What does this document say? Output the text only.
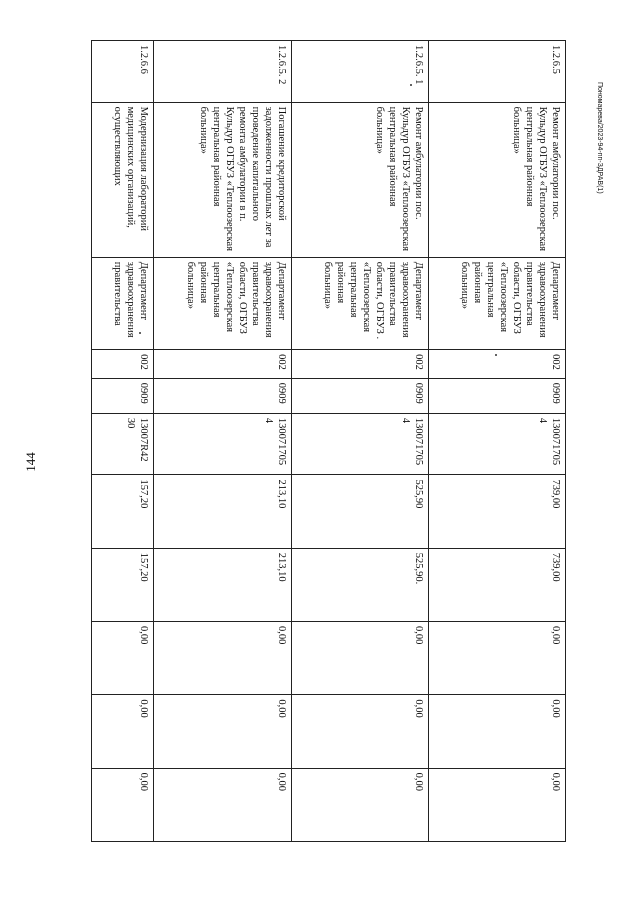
144
Пономарева/2023-94-пп-ЗДРАВ(1)
1.2.6.5	Ремонт амбулатории пос. Кульдур ОГБУЗ «Теплоозерская центральная районная больница»	Департамент здравоохранения правительства области, ОГБУЗ «Теплоозерская центральная районная больница»	002	0909	130071705 4	739,00	739,00	0,00	0,00	0,00
1.2.6.5. 1	Ремонт амбулатории пос. Кульдур ОГБУЗ «Теплоозерская центральная районная больница»	Департамент здравоохранения правительства области, ОГБУЗ . «Теплоозерская центральная районная больница»	002	0909	130071705 4	525,90	525,90.	0,00	0,00	0,00
1.2.6.5. 2	Погашение кредиторской задолженности прошлых лет за проведение капитального ремонта амбулатории в п. Кульдур ОГБУЗ «Теплоозерская центральная районная больница»	Департамент здравоохранения правительства области, ОГБУЗ «Теплоозерская центральная районная больница»	002	0909	130071705 4	213,10	213,10	0,00	0,00	0,00
1.2.6.6	Модернизация лабораторий медицинских организаций, осуществляющих	Департамент здравоохранения правительства	002	0909	13007R42 30	157,20	157,20	0,00	0,00	0,00
